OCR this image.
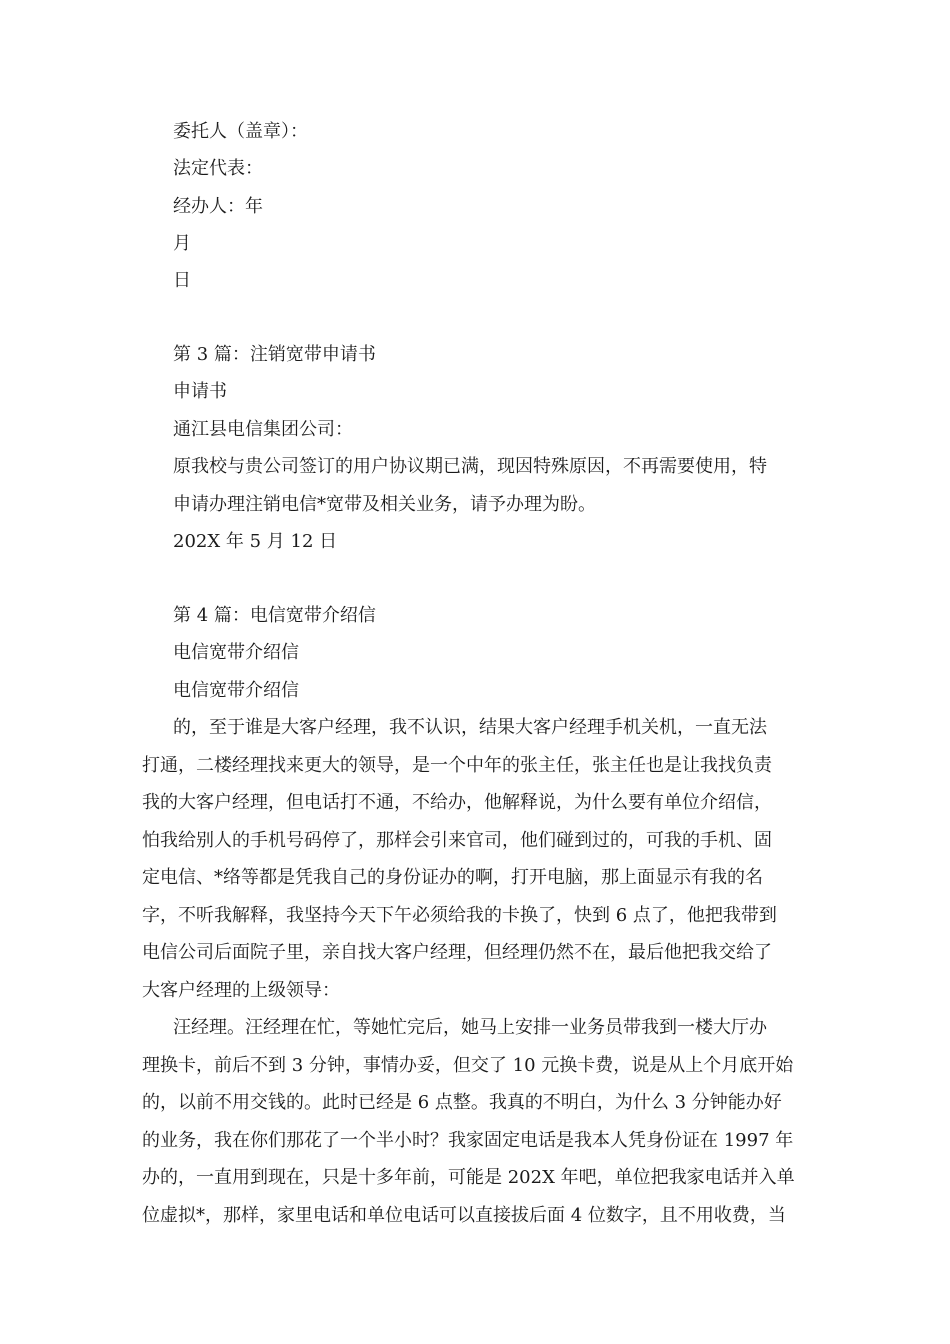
委托人（盖章）：
法定代表：
经办人：年
月
日
第 3 篇：注销宽带申请书
申请书
通江县电信集团公司：
原我校与贵公司签订的用户协议期已满，现因特殊原因，不再需要使用，特
申请办理注销电信*宽带及相关业务，请予办理为盼。
202X 年 5 月 12 日
第 4 篇：电信宽带介绍信
电信宽带介绍信
电信宽带介绍信
的，至于谁是大客户经理，我不认识，结果大客户经理手机关机，一直无法
打通，二楼经理找来更大的领导，是一个中年的张主任，张主任也是让我找负责
我的大客户经理，但电话打不通，不给办，他解释说，为什么要有单位介绍信，
怕我给别人的手机号码停了，那样会引来官司，他们碰到过的，可我的手机、固
定电信、*络等都是凭我自己的身份证办的啊，打开电脑，那上面显示有我的名
字，不听我解释，我坚持今天下午必须给我的卡换了，快到 6 点了，他把我带到
电信公司后面院子里，亲自找大客户经理，但经理仍然不在，最后他把我交给了
大客户经理的上级领导：
汪经理。汪经理在忙，等她忙完后，她马上安排一业务员带我到一楼大厅办
理换卡，前后不到 3 分钟，事情办妥，但交了 10 元换卡费，说是从上个月底开始
的，以前不用交钱的。此时已经是 6 点整。我真的不明白，为什么 3 分钟能办好
的业务，我在你们那花了一个半小时？我家固定电话是我本人凭身份证在 1997 年
办的，一直用到现在，只是十多年前，可能是 202X 年吧，单位把我家电话并入单
位虚拟*，那样，家里电话和单位电话可以直接拔后面 4 位数字，且不用收费，当
